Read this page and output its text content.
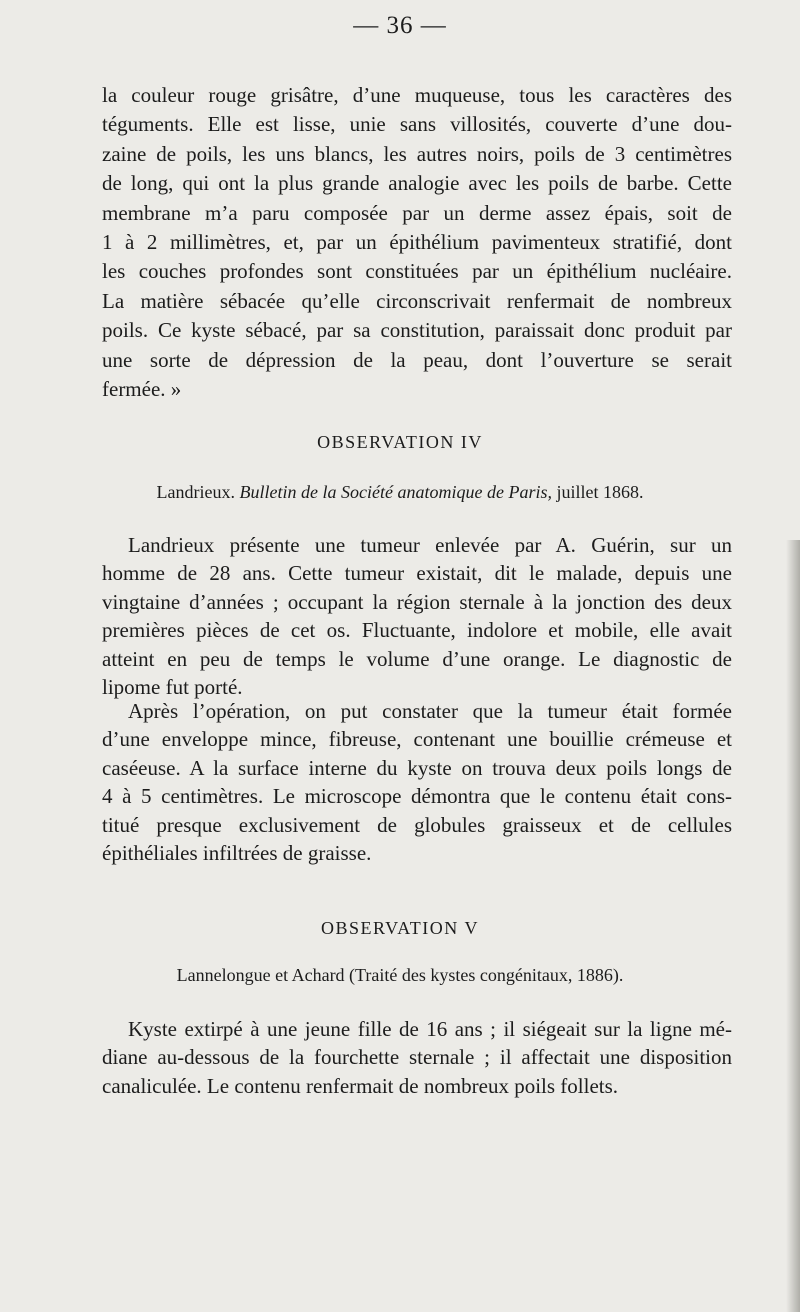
— 36 —
la couleur rouge grisâtre, d’une muqueuse, tous les caractères des
tégu​ments. Elle est lisse, unie sans villosités, couverte d’une dou-
zaine de poils, les uns blancs, les autres noirs, poils de 3 centimètres
de long, qui ont la plus grande analogie avec les poils de barbe. Cette
membrane m’a paru composée par un derme assez épais, soit de
1 à 2 millimètres, et, par un épithélium pavimenteux stratifié, dont
les couches profondes sont constituées par un épithélium nucléaire.
La matière sébacée qu’elle circonscrivait renfermait de nombreux
poils. Ce kyste sébacé, par sa constitution, paraissait donc produit par
une sorte de dépression de la peau, dont l’ouverture se serait
fermée. »
OBSERVATION IV
Landrieux. Bulletin de la Société anatomique de Paris, juillet 1868.
Landrieux présente une tumeur enlevée par A. Guérin, sur un
homme de 28 ans. Cette tumeur existait, dit le malade, depuis une
vingtaine d’années ; occupant la région sternale à la jonction des deux
premières pièces de cet os. Fluctuante, indolore et mobile, elle avait
atteint en peu de temps le volume d’une orange. Le diagnostic de
lipome fut porté.
Après l’opération, on put constater que la tumeur était formée
d’une enveloppe mince, fibreuse, contenant une bouillie crémeuse et
caséeuse. A la surface interne du kyste on trouva deux poils longs de
4 à 5 centimètres. Le microscope démontra que le contenu était cons-
titué presque exclusivement de globules graisseux et de cellules
épithéliales infiltrées de graisse.
OBSERVATION V
Lannelongue et Achard (Traité des kystes congénitaux, 1886).
Kyste extirpé à une jeune fille de 16 ans ; il siégeait sur la ligne mé-
diane au-dessous de la fourchette sternale ; il affectait une disposition
canaliculée. Le contenu renfermait de nombreux poils follets.
